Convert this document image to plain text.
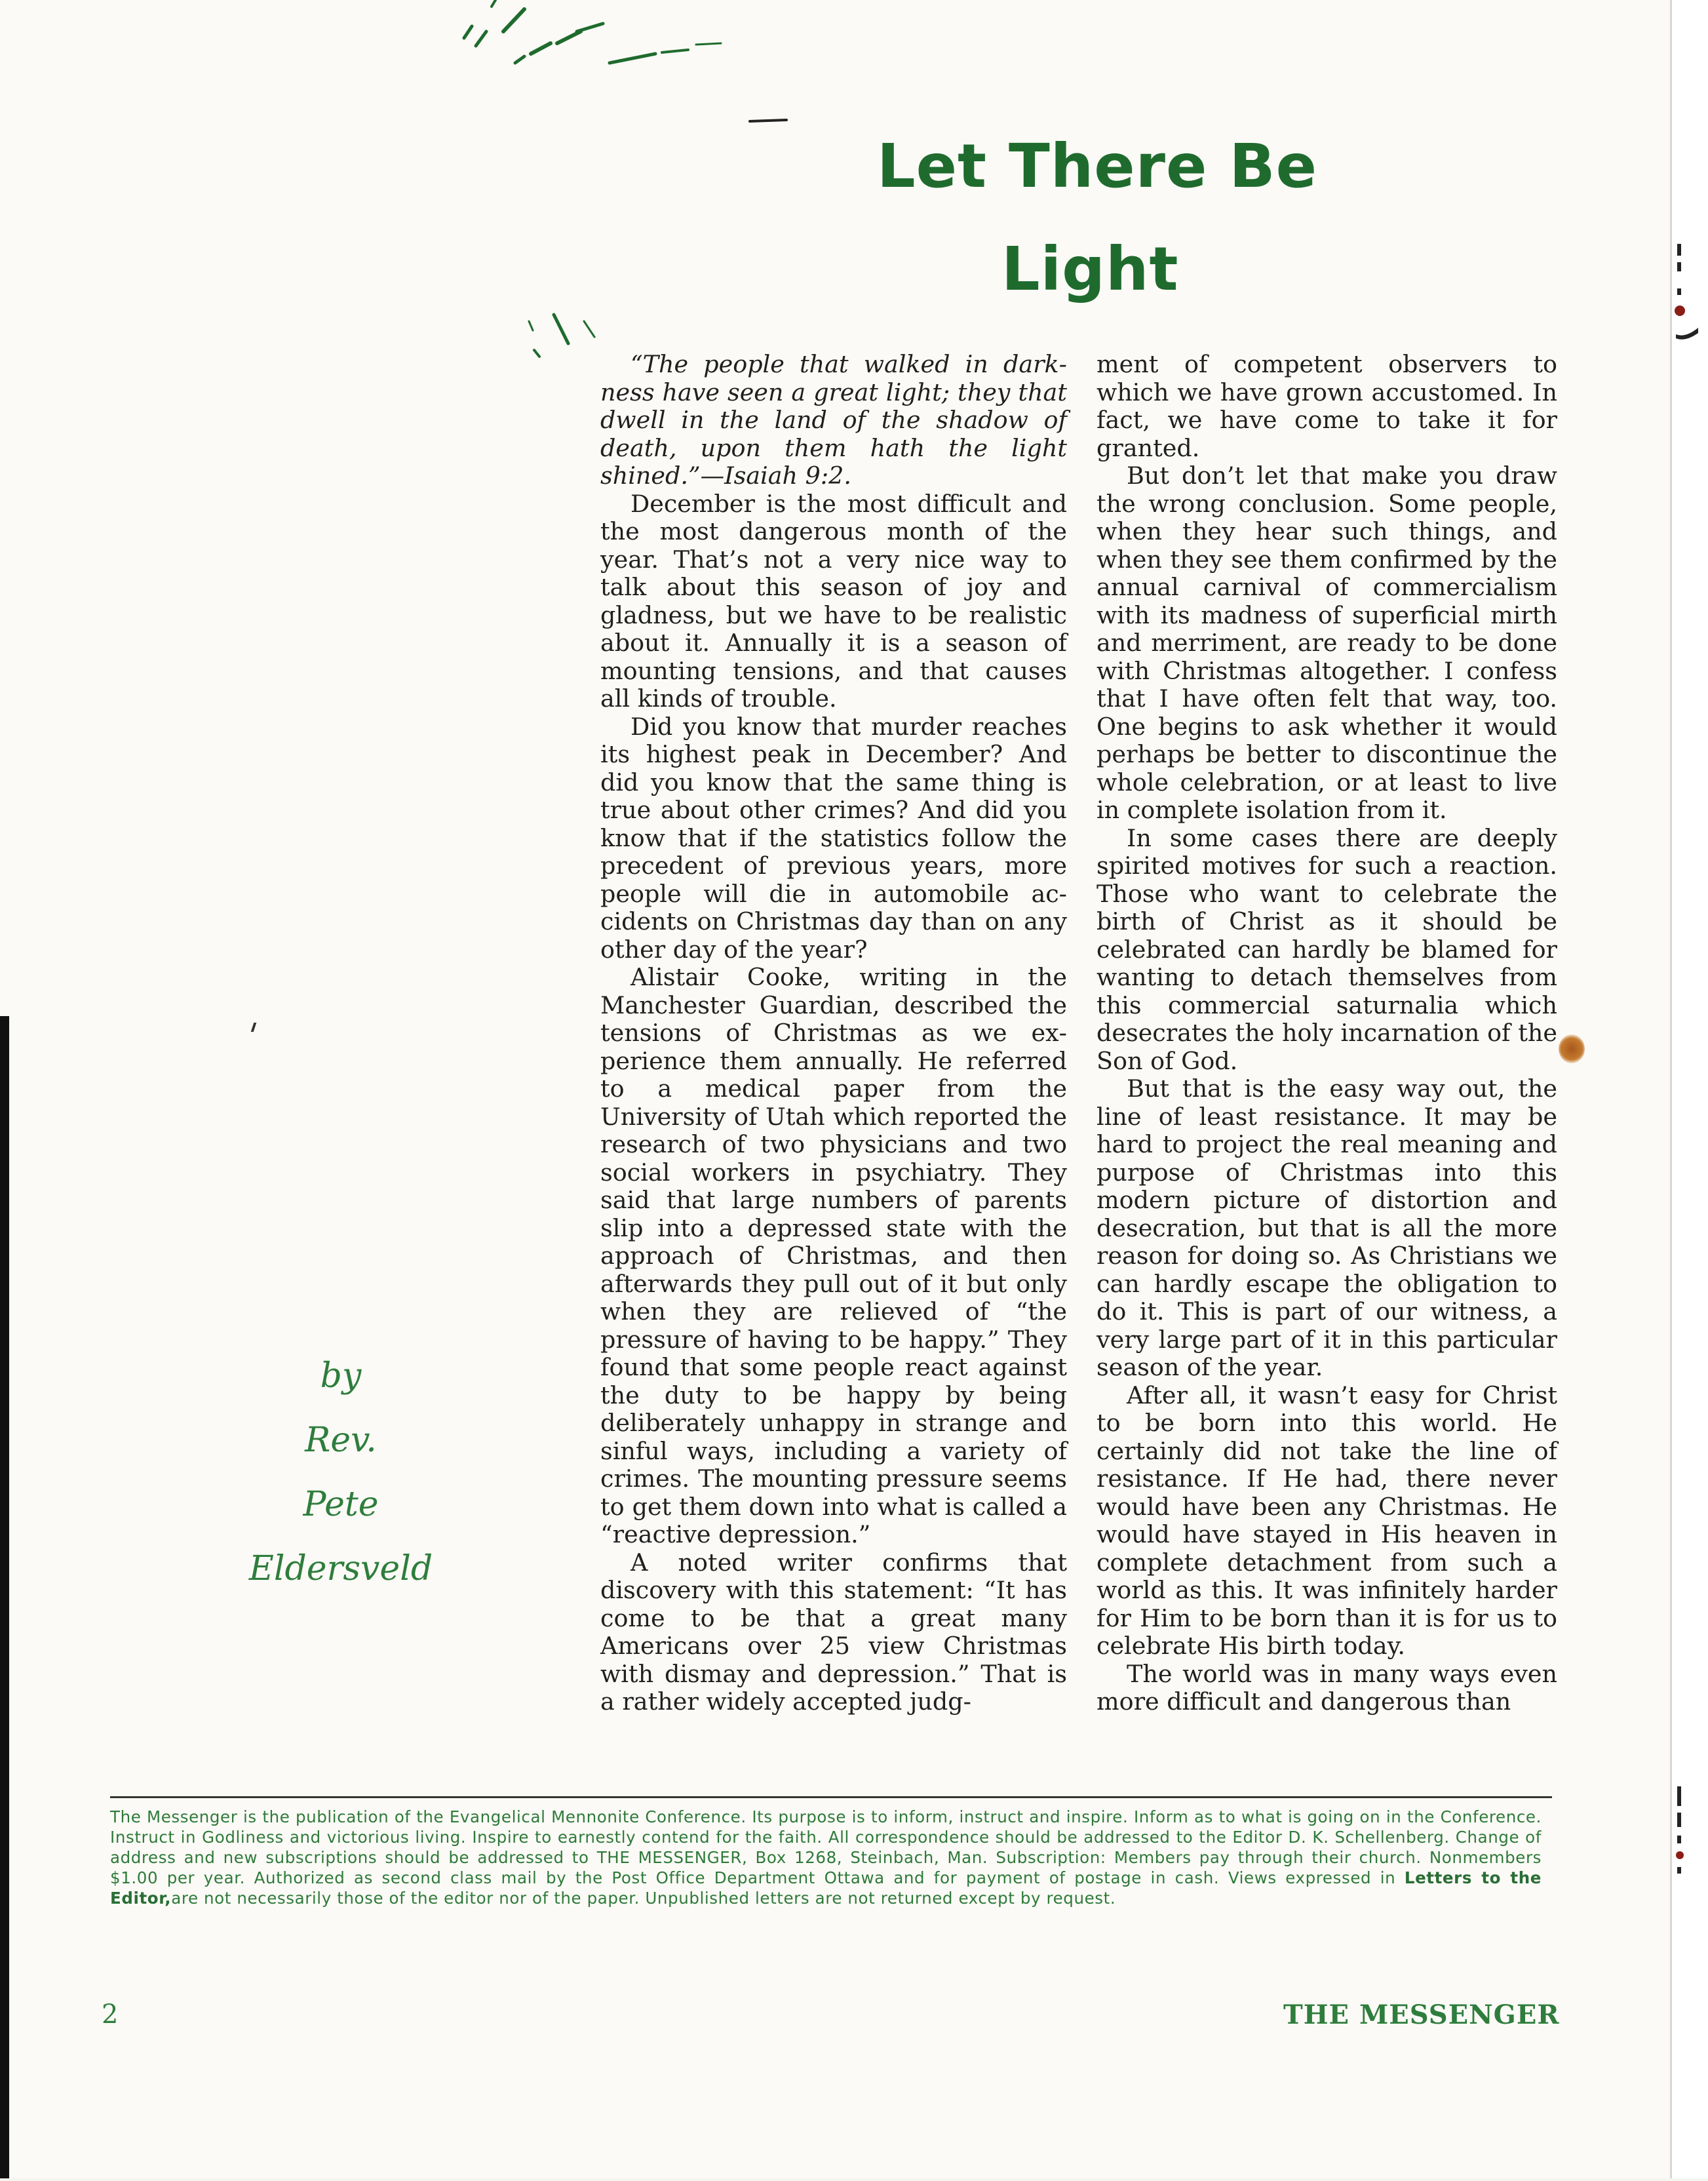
Let There Be
Light
by
Rev.
Pete
Eldersveld

“The people that walked in darkness have seen a great light; they that dwell in the land of the shadow of death, upon them hath the light shined.”—Isaiah 9:2.

December is the most difficult and the most dangerous month of the year. That’s not a very nice way to talk about this season of joy and gladness, but we have to be realistic about it. Annually it is a season of mounting tensions, and that causes all kinds of trouble.

Did you know that murder reaches its highest peak in December? And did you know that the same thing is true about other crimes? And did you know that if the statistics follow the precedent of previous years, more people will die in automobile accidents on Christmas day than on any other day of the year?

Alistair Cooke, writing in the Manchester Guardian, described the tensions of Christmas as we experience them annually. He referred to a medical paper from the University of Utah which reported the research of two physicians and two social workers in psychiatry. They said that large numbers of parents slip into a depressed state with the approach of Christmas, and then afterwards they pull out of it but only when they are relieved of “the pressure of having to be happy.” They found that some people react against the duty to be happy by being deliberately unhappy in strange and sinful ways, including a variety of crimes. The mounting pressure seems to get them down into what is called a “reactive depression.”

A noted writer confirms that discovery with this statement: “It has come to be that a great many Americans over 25 view Christmas with dismay and depression.” That is a rather widely accepted judg-

ment of competent observers to which we have grown accustomed. In fact, we have come to take it for granted.

But don’t let that make you draw the wrong conclusion. Some people, when they hear such things, and when they see them confirmed by the annual carnival of commercialism with its madness of superficial mirth and merriment, are ready to be done with Christmas altogether. I confess that I have often felt that way, too. One begins to ask whether it would perhaps be better to discontinue the whole celebration, or at least to live in complete isolation from it.

In some cases there are deeply spirited motives for such a reaction. Those who want to celebrate the birth of Christ as it should be celebrated can hardly be blamed for wanting to detach themselves from this commercial saturnalia which desecrates the holy incarnation of the Son of God.

But that is the easy way out, the line of least resistance. It may be hard to project the real meaning and purpose of Christmas into this modern picture of distortion and desecration, but that is all the more reason for doing so. As Christians we can hardly escape the obligation to do it. This is part of our witness, a very large part of it in this particular season of the year.

After all, it wasn’t easy for Christ to be born into this world. He certainly did not take the line of resistance. If He had, there never would have been any Christmas. He would have stayed in His heaven in complete detachment from such a world as this. It was infinitely harder for Him to be born than it is for us to celebrate His birth today.

The world was in many ways even more difficult and dangerous than

The Messenger is the publication of the Evangelical Mennonite Conference. Its purpose is to inform, instruct and inspire. Inform as to what is going on in the Conference. Instruct in Godliness and victorious living. Inspire to earnestly contend for the faith. All correspondence should be addressed to the Editor D. K. Schellenberg. Change of address and new subscriptions should be addressed to THE MESSENGER, Box 1268, Steinbach, Man. Subscription: Members pay through their church. Nonmembers $1.00 per year. Authorized as second class mail by the Post Office Department Ottawa and for payment of postage in cash. Views expressed in Letters to the Editor,are not necessarily those of the editor nor of the paper. Unpublished letters are not returned except by request.
2	THE MESSENGER
